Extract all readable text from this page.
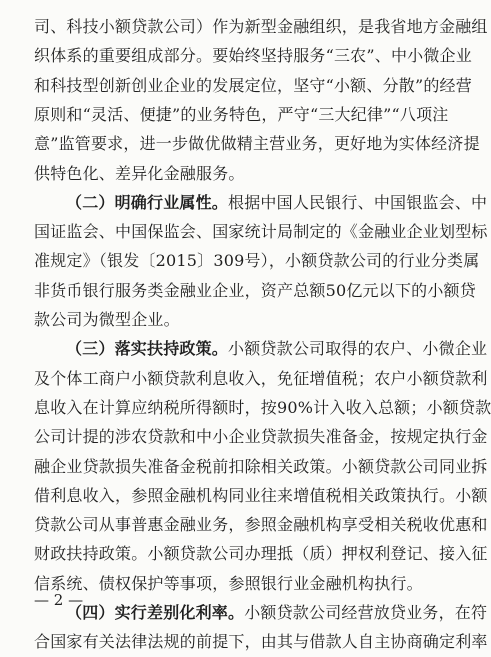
司、科技小额贷款公司）作为新型金融组织，是我省地方金融组
织体系的重要组成部分。要始终坚持服务“三农”、中小微企业
和科技型创新创业企业的发展定位，坚守“小额、分散”的经营
原则和“灵活、便捷”的业务特色，严守“三大纪律”“八项注
意”监管要求，进一步做优做精主营业务，更好地为实体经济提
供特色化、差异化金融服务。
（二）明确行业属性。根据中国人民银行、中国银监会、中
国证监会、中国保监会、国家统计局制定的《金融业企业划型标
准规定》（银发〔2015〕309号），小额贷款公司的行业分类属
非货币银行服务类金融业企业，资产总额50亿元以下的小额贷
款公司为微型企业。
（三）落实扶持政策。小额贷款公司取得的农户、小微企业
及个体工商户小额贷款利息收入，免征增值税；农户小额贷款利
息收入在计算应纳税所得额时，按90%计入收入总额；小额贷款
公司计提的涉农贷款和中小企业贷款损失准备金，按规定执行金
融企业贷款损失准备金税前扣除相关政策。小额贷款公司同业拆
借利息收入，参照金融机构同业往来增值税相关政策执行。小额
贷款公司从事普惠金融业务，参照金融机构享受相关税收优惠和
财政扶持政策。小额贷款公司办理抵（质）押权利登记、接入征
信系统、债权保护等事项，参照银行业金融机构执行。
（四）实行差别化利率。小额贷款公司经营放贷业务，在符
合国家有关法律法规的前提下，由其与借款人自主协商确定利率
— 2 —
